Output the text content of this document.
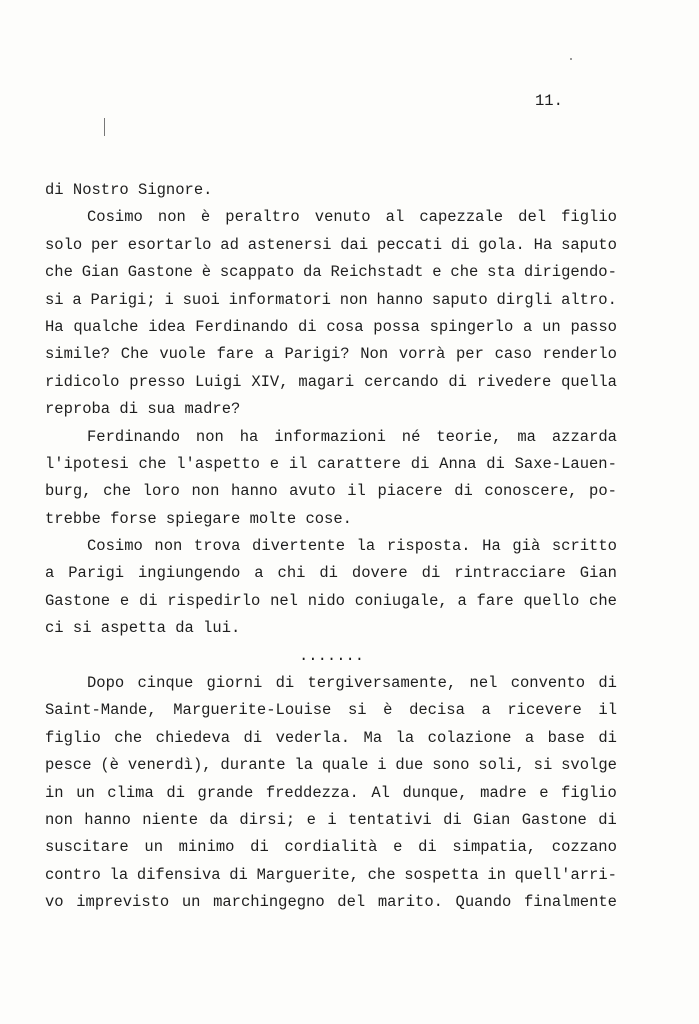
11.
di Nostro Signore.
Cosimo non è peraltro venuto al capezzale del figlio
solo per esortarlo ad astenersi dai peccati di gola. Ha saputo
che Gian Gastone è scappato da Reichstadt e che sta dirigendo-
si a Parigi; i suoi informatori non hanno saputo dirgli altro.
Ha qualche idea Ferdinando di cosa possa spingerlo a un passo
simile? Che vuole fare a Parigi? Non vorrà per caso renderlo
ridicolo presso Luigi XIV, magari cercando di rivedere quella
reproba di sua madre?
Ferdinando non ha informazioni né teorie, ma azzarda
l'ipotesi che l'aspetto e il carattere di Anna di Saxe-Lauen-
burg, che loro non hanno avuto il piacere di conoscere, po-
trebbe forse spiegare molte cose.
Cosimo non trova divertente la risposta. Ha già scritto
a Parigi ingiungendo a chi di dovere di rintracciare Gian
Gastone e di rispedirlo nel nido coniugale, a fare quello che
ci si aspetta da lui.
.......
Dopo cinque giorni di tergiversamente, nel convento di
Saint-Mande, Marguerite-Louise si è decisa a ricevere il
figlio che chiedeva di vederla. Ma la colazione a base di
pesce (è venerdì), durante la quale i due sono soli, si svolge
in un clima di grande freddezza. Al dunque, madre e figlio
non hanno niente da dirsi; e i tentativi di Gian Gastone di
suscitare un minimo di cordialità e di simpatia, cozzano
contro la difensiva di Marguerite, che sospetta in quell'arri-
vo imprevisto un marchingegno del marito. Quando finalmente
